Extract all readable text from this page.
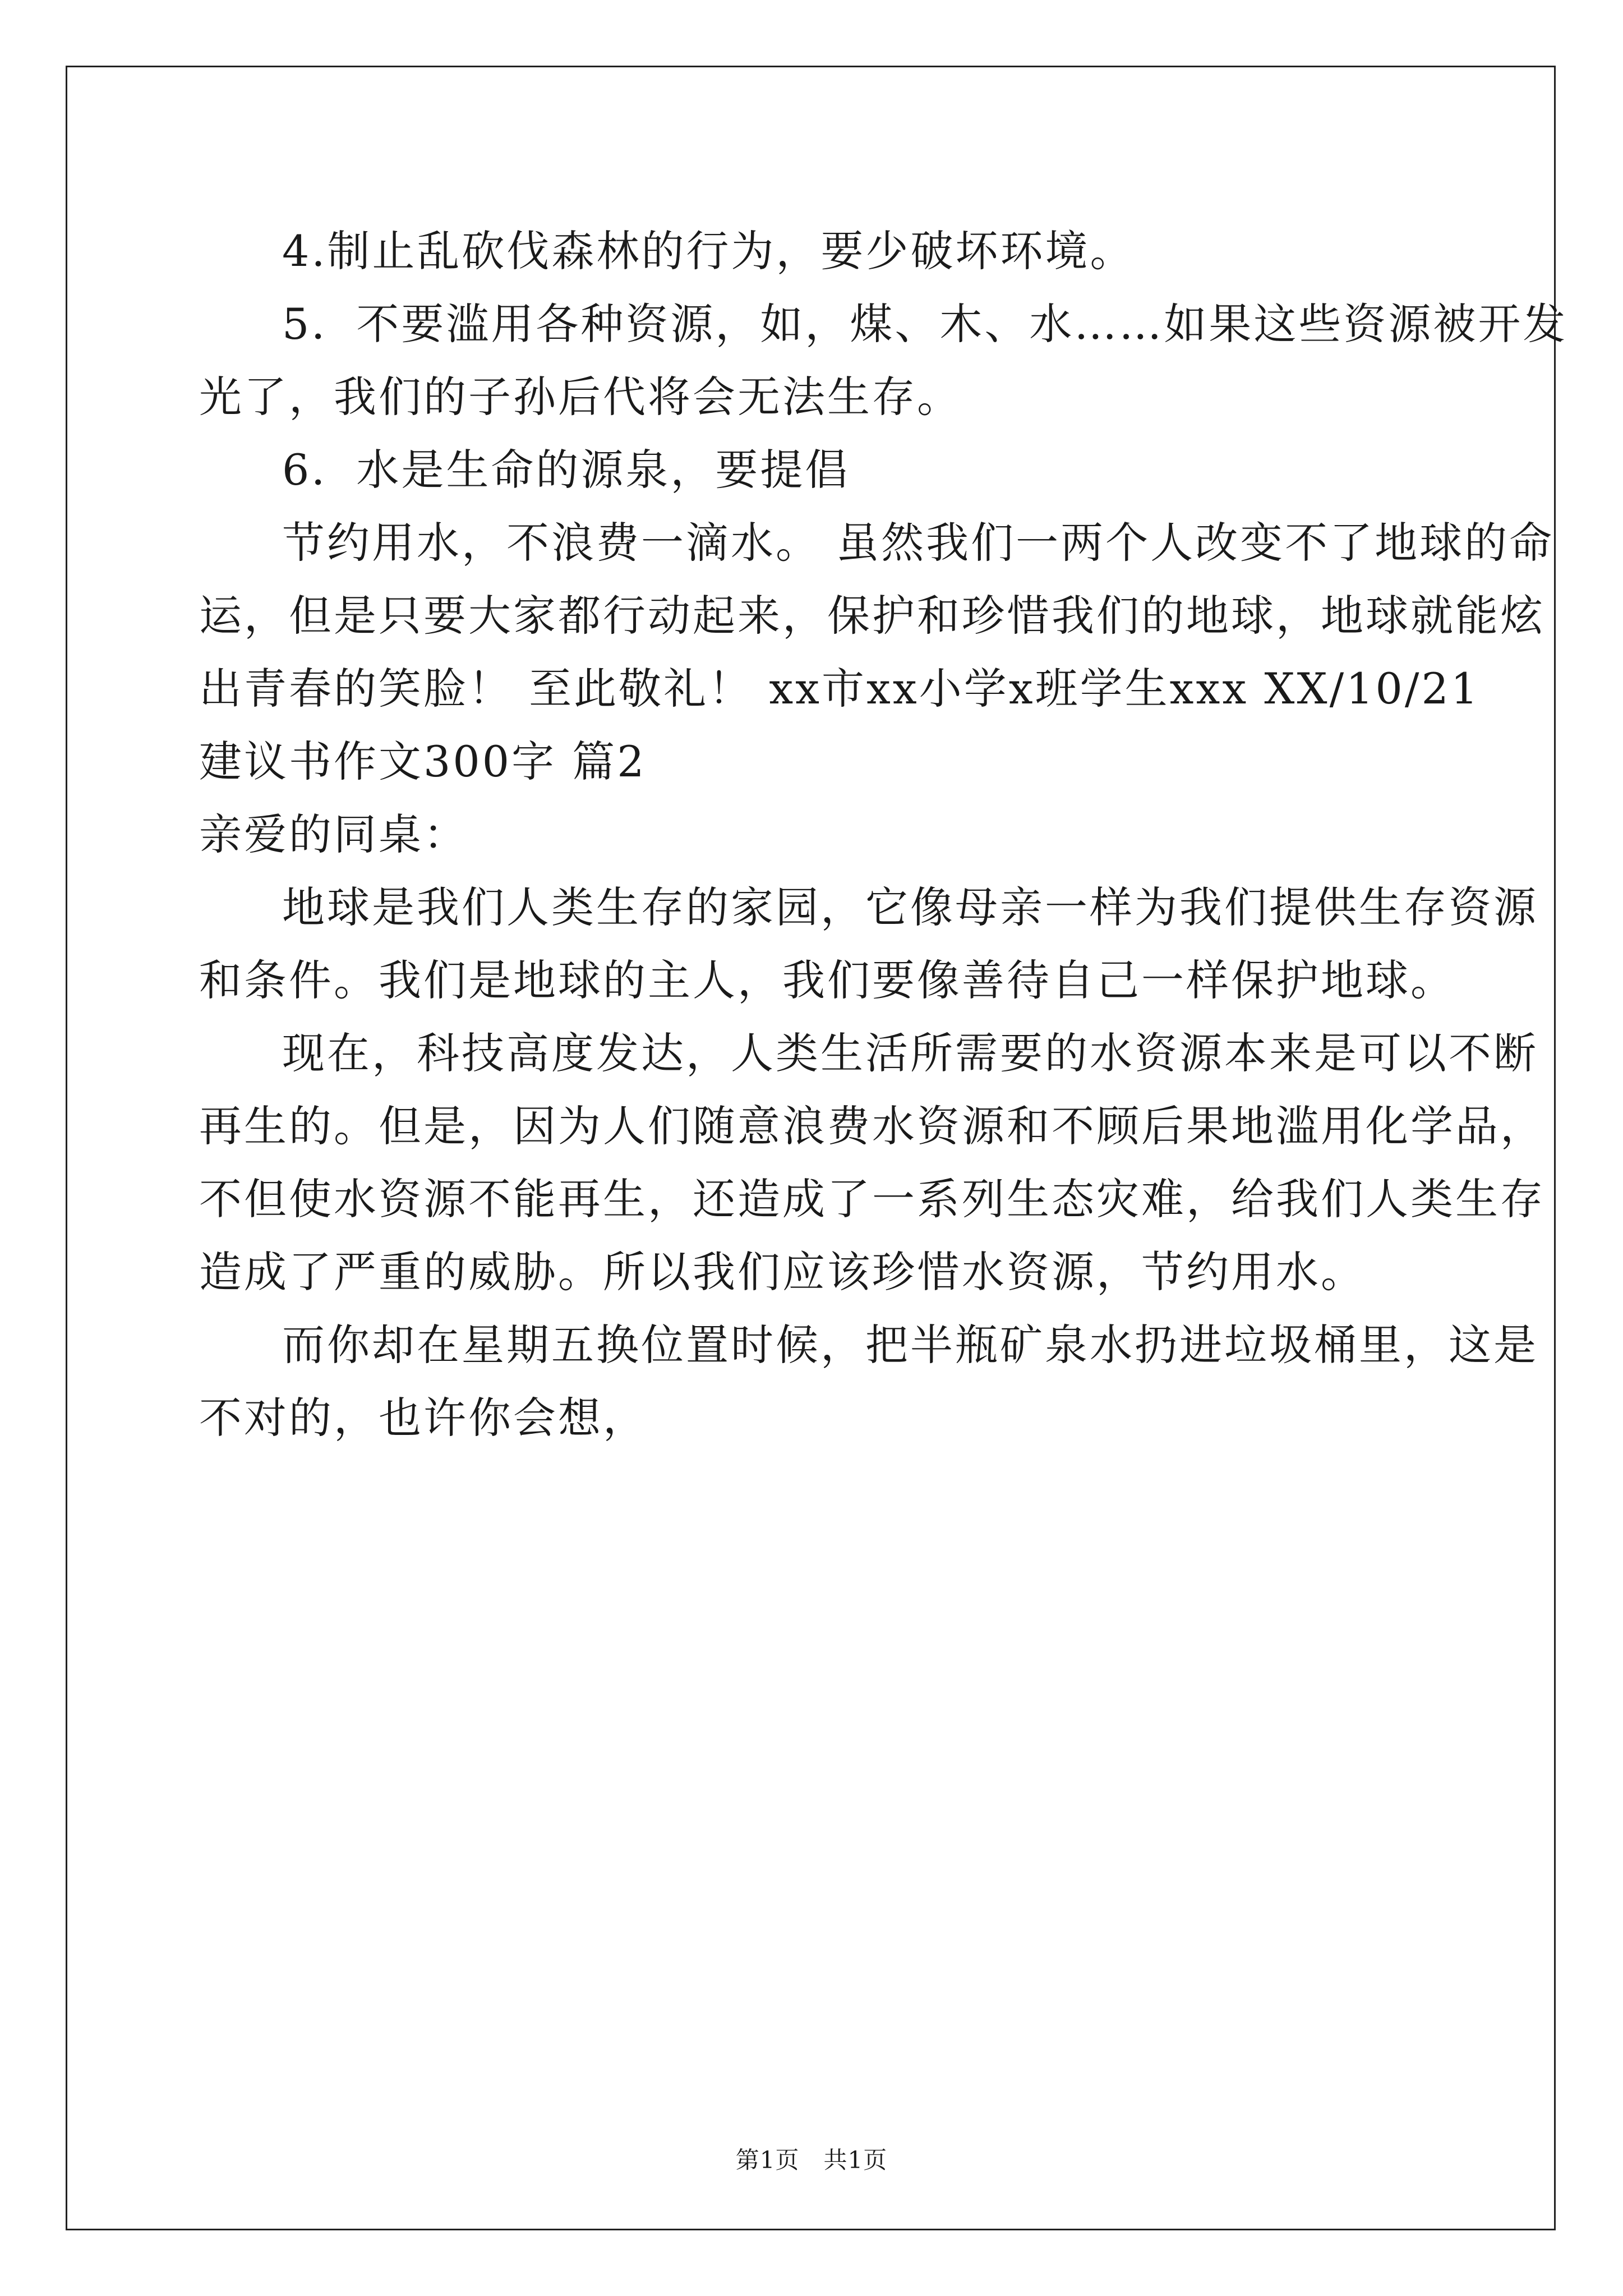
4.制止乱砍伐森林的行为，要少破坏环境。
5．不要滥用各种资源，如，煤、木、水……如果这些资源被开发
光了，我们的子孙后代将会无法生存。
6．水是生命的源泉，要提倡
节约用水，不浪费一滴水。 虽然我们一两个人改变不了地球的命
运，但是只要大家都行动起来，保护和珍惜我们的地球，地球就能炫
出青春的笑脸！ 至此敬礼！ xx市xx小学x班学生xxx XX/10/21
建议书作文300字 篇2
亲爱的同桌：
地球是我们人类生存的家园，它像母亲一样为我们提供生存资源
和条件。我们是地球的主人，我们要像善待自己一样保护地球。
现在，科技高度发达，人类生活所需要的水资源本来是可以不断
再生的。但是，因为人们随意浪费水资源和不顾后果地滥用化学品，
不但使水资源不能再生，还造成了一系列生态灾难，给我们人类生存
造成了严重的威胁。所以我们应该珍惜水资源，节约用水。
而你却在星期五换位置时候，把半瓶矿泉水扔进垃圾桶里，这是
不对的，也许你会想，
第1页　共1页
